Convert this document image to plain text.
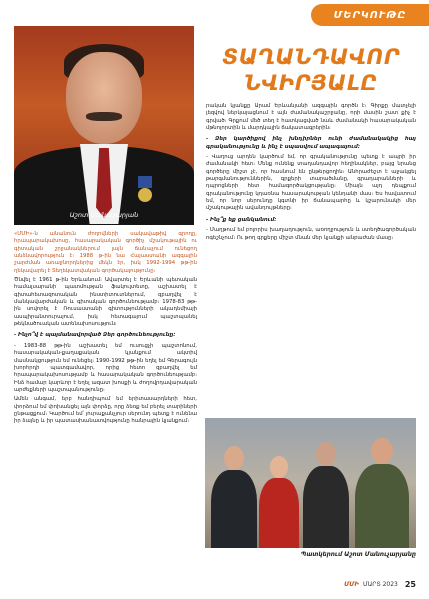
ՄԵՐԿՈՒԹԸ
Աշոտ Մանուչարյան
ՏԱՂԱՆԴԱՎՈՐ
ՆՎԻՐՅԱԼԸ

րական կյանքը Արամ Երևանյանի ազգային գործն է։ Գիրքը մատչելի լեզվով ներկայացնում է այն ժամանակաշրջանը, որի մասին շատ քիչ է գրված։ Գրքում մեծ տեղ է հատկացված նաև ժամանակի հասարակական մթնոլորտին և մարդկային ճակատագրերին։

- Ձեր կարծիքով ինչ խնդիրներ ունի ժամանակակից հայ գրականությունը և ինչ է սպասվում ապագայում։

- Վաղուց արդեն կարծում եմ, որ գրականությունը պետք է ապրի իր ժամանակի հետ։ Մենք ունենք տաղանդավոր հեղինակներ, բայց նրանց գործերը միշտ չէ, որ հասնում են ընթերցողին։ Անհրաժեշտ է աջակցել թարգմանություններին, գրքերի տարածմանը, գրադարանների և դպրոցների հետ համագործակցությանը։ Միայն այդ դեպքում գրականությունը կդառնա հասարակության կենդանի մաս։ Ես հավատում եմ, որ նոր սերունդը կգտնի իր ճանապարհը և կշարունակի մեր մշակութային ավանդույթները։

- Ինչ՞ք եք ցանկանում։

- Մաղթում եմ բոլորիս խաղաղություն, առողջություն և ստեղծագործական ոգեշնչում։ Ու թող գրքերը միշտ մնան մեր կյանքի անբաժան մասը։

«ՄՄԻ»-ն անանուն ժողովների սակավաթիվ գրողը, հրապարակախոսը, հասարակական գործիչ մշակութային ու գիտական շրջանակներում լայն ճանաչում ունեցող անձնավորություն է։ 1988 թ-ին նա Հայաստանի ազգային շարժման առաջնորդներից մեկն էր, իսկ 1992-1994 թթ-ին ղեկավարել է Տեղեկատվական գործակալությունը։

Ծնվել է 1961 թ-ին Երևանում։ Ավարտել է Երևանի պետական համալսարանի պատմության ֆակուլտետը, աշխատել է գիտահետազոտական ինստիտուտներում, զբաղվել է մանկավարժական և գիտական գործունեությամբ։ 1978-83 թթ-ին սովորել է Ռուսաստանի գիտությունների ակադեմիայի ասպիրանտուրայում, իսկ հետագայում պաշտպանել թեկնածուական ատենախոսություն։

- Ինչո՞վ է պայմանավորված Ձեր գործունեությունը։

- 1983-88 թթ-ին աշխատել եմ ուսուցչի պաշտոնում, հասարակական-քաղաքական կյանքում ակտիվ մասնակցություն եմ ունեցել։ 1990-1992 թթ-ին եղել եմ Գերագույն խորհրդի պատգամավոր, որից հետո զբաղվել եմ հրապարակախոսությամբ և հասարակական գործունեությամբ։ Ինձ համար կարևոր է եղել ազատ խոսքի և ժողովրդավարական արժեքների պաշտպանությունը։

Ամեն անգամ, երբ հանդիպում եմ երիտասարդների հետ, փորձում եմ փոխանցել այն փորձը, որը ձեռք եմ բերել տարիների ընթացքում։ Կարծում եմ՝ յուրաքանչյուր սերունդ պետք է ունենա իր ձայնը և իր պատասխանատվությունը հանրային կյանքում։

Պատկերում Աշոտ Մանուչարյանը
ՄՄԻ ՄԱՐՏ 2023 25
